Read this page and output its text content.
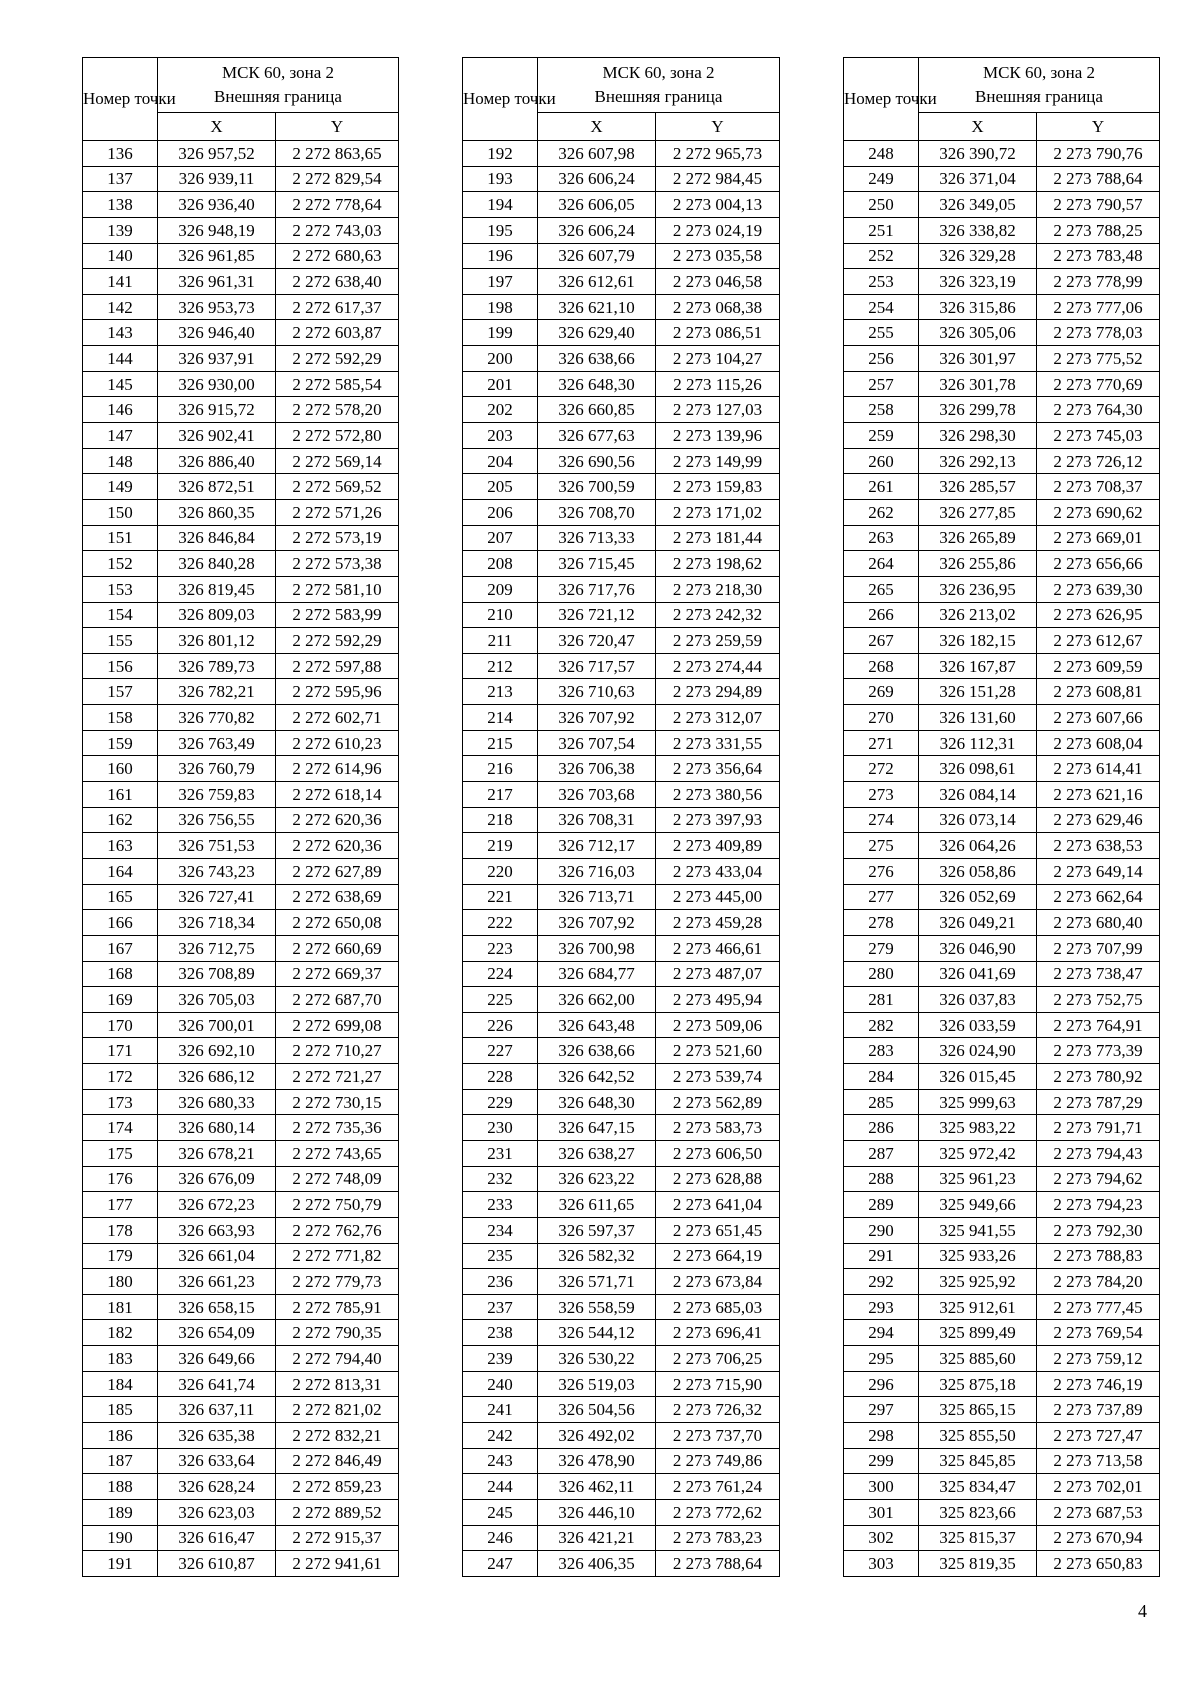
Номер точки	МСК 60, зона 2
Внешняя граница	
	X	Y
136	326 957,52	2 272 863,65
137	326 939,11	2 272 829,54
138	326 936,40	2 272 778,64
139	326 948,19	2 272 743,03
140	326 961,85	2 272 680,63
141	326 961,31	2 272 638,40
142	326 953,73	2 272 617,37
143	326 946,40	2 272 603,87
144	326 937,91	2 272 592,29
145	326 930,00	2 272 585,54
146	326 915,72	2 272 578,20
147	326 902,41	2 272 572,80
148	326 886,40	2 272 569,14
149	326 872,51	2 272 569,52
150	326 860,35	2 272 571,26
151	326 846,84	2 272 573,19
152	326 840,28	2 272 573,38
153	326 819,45	2 272 581,10
154	326 809,03	2 272 583,99
155	326 801,12	2 272 592,29
156	326 789,73	2 272 597,88
157	326 782,21	2 272 595,96
158	326 770,82	2 272 602,71
159	326 763,49	2 272 610,23
160	326 760,79	2 272 614,96
161	326 759,83	2 272 618,14
162	326 756,55	2 272 620,36
163	326 751,53	2 272 620,36
164	326 743,23	2 272 627,89
165	326 727,41	2 272 638,69
166	326 718,34	2 272 650,08
167	326 712,75	2 272 660,69
168	326 708,89	2 272 669,37
169	326 705,03	2 272 687,70
170	326 700,01	2 272 699,08
171	326 692,10	2 272 710,27
172	326 686,12	2 272 721,27
173	326 680,33	2 272 730,15
174	326 680,14	2 272 735,36
175	326 678,21	2 272 743,65
176	326 676,09	2 272 748,09
177	326 672,23	2 272 750,79
178	326 663,93	2 272 762,76
179	326 661,04	2 272 771,82
180	326 661,23	2 272 779,73
181	326 658,15	2 272 785,91
182	326 654,09	2 272 790,35
183	326 649,66	2 272 794,40
184	326 641,74	2 272 813,31
185	326 637,11	2 272 821,02
186	326 635,38	2 272 832,21
187	326 633,64	2 272 846,49
188	326 628,24	2 272 859,23
189	326 623,03	2 272 889,52
190	326 616,47	2 272 915,37
191	326 610,87	2 272 941,61
Номер точки	МСК 60, зона 2
Внешняя граница	
	X	Y
192	326 607,98	2 272 965,73
193	326 606,24	2 272 984,45
194	326 606,05	2 273 004,13
195	326 606,24	2 273 024,19
196	326 607,79	2 273 035,58
197	326 612,61	2 273 046,58
198	326 621,10	2 273 068,38
199	326 629,40	2 273 086,51
200	326 638,66	2 273 104,27
201	326 648,30	2 273 115,26
202	326 660,85	2 273 127,03
203	326 677,63	2 273 139,96
204	326 690,56	2 273 149,99
205	326 700,59	2 273 159,83
206	326 708,70	2 273 171,02
207	326 713,33	2 273 181,44
208	326 715,45	2 273 198,62
209	326 717,76	2 273 218,30
210	326 721,12	2 273 242,32
211	326 720,47	2 273 259,59
212	326 717,57	2 273 274,44
213	326 710,63	2 273 294,89
214	326 707,92	2 273 312,07
215	326 707,54	2 273 331,55
216	326 706,38	2 273 356,64
217	326 703,68	2 273 380,56
218	326 708,31	2 273 397,93
219	326 712,17	2 273 409,89
220	326 716,03	2 273 433,04
221	326 713,71	2 273 445,00
222	326 707,92	2 273 459,28
223	326 700,98	2 273 466,61
224	326 684,77	2 273 487,07
225	326 662,00	2 273 495,94
226	326 643,48	2 273 509,06
227	326 638,66	2 273 521,60
228	326 642,52	2 273 539,74
229	326 648,30	2 273 562,89
230	326 647,15	2 273 583,73
231	326 638,27	2 273 606,50
232	326 623,22	2 273 628,88
233	326 611,65	2 273 641,04
234	326 597,37	2 273 651,45
235	326 582,32	2 273 664,19
236	326 571,71	2 273 673,84
237	326 558,59	2 273 685,03
238	326 544,12	2 273 696,41
239	326 530,22	2 273 706,25
240	326 519,03	2 273 715,90
241	326 504,56	2 273 726,32
242	326 492,02	2 273 737,70
243	326 478,90	2 273 749,86
244	326 462,11	2 273 761,24
245	326 446,10	2 273 772,62
246	326 421,21	2 273 783,23
247	326 406,35	2 273 788,64
Номер точки	МСК 60, зона 2
Внешняя граница	
	X	Y
248	326 390,72	2 273 790,76
249	326 371,04	2 273 788,64
250	326 349,05	2 273 790,57
251	326 338,82	2 273 788,25
252	326 329,28	2 273 783,48
253	326 323,19	2 273 778,99
254	326 315,86	2 273 777,06
255	326 305,06	2 273 778,03
256	326 301,97	2 273 775,52
257	326 301,78	2 273 770,69
258	326 299,78	2 273 764,30
259	326 298,30	2 273 745,03
260	326 292,13	2 273 726,12
261	326 285,57	2 273 708,37
262	326 277,85	2 273 690,62
263	326 265,89	2 273 669,01
264	326 255,86	2 273 656,66
265	326 236,95	2 273 639,30
266	326 213,02	2 273 626,95
267	326 182,15	2 273 612,67
268	326 167,87	2 273 609,59
269	326 151,28	2 273 608,81
270	326 131,60	2 273 607,66
271	326 112,31	2 273 608,04
272	326 098,61	2 273 614,41
273	326 084,14	2 273 621,16
274	326 073,14	2 273 629,46
275	326 064,26	2 273 638,53
276	326 058,86	2 273 649,14
277	326 052,69	2 273 662,64
278	326 049,21	2 273 680,40
279	326 046,90	2 273 707,99
280	326 041,69	2 273 738,47
281	326 037,83	2 273 752,75
282	326 033,59	2 273 764,91
283	326 024,90	2 273 773,39
284	326 015,45	2 273 780,92
285	325 999,63	2 273 787,29
286	325 983,22	2 273 791,71
287	325 972,42	2 273 794,43
288	325 961,23	2 273 794,62
289	325 949,66	2 273 794,23
290	325 941,55	2 273 792,30
291	325 933,26	2 273 788,83
292	325 925,92	2 273 784,20
293	325 912,61	2 273 777,45
294	325 899,49	2 273 769,54
295	325 885,60	2 273 759,12
296	325 875,18	2 273 746,19
297	325 865,15	2 273 737,89
298	325 855,50	2 273 727,47
299	325 845,85	2 273 713,58
300	325 834,47	2 273 702,01
301	325 823,66	2 273 687,53
302	325 815,37	2 273 670,94
303	325 819,35	2 273 650,83
4
